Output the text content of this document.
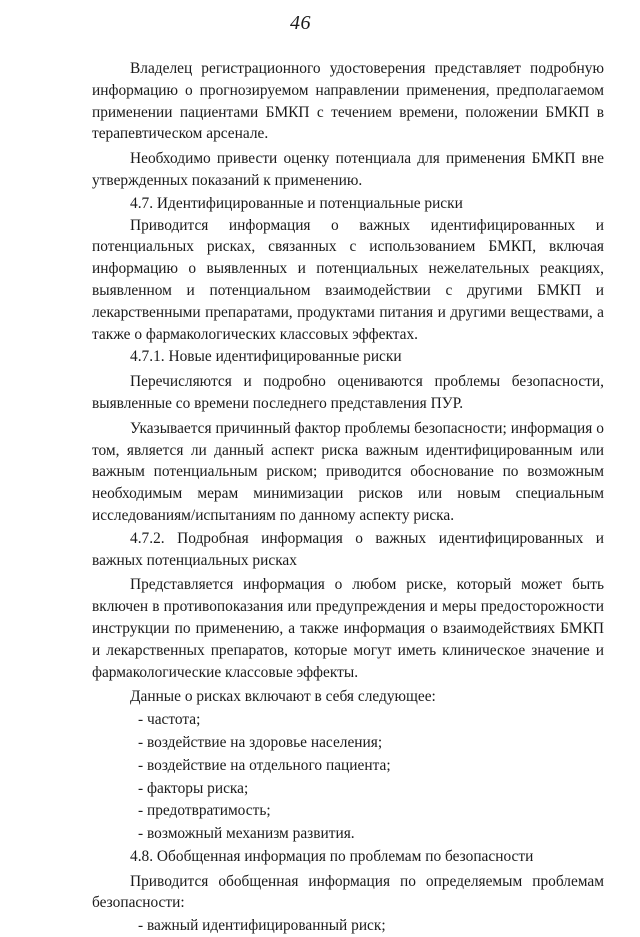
46

Владелец регистрационного удостоверения представляет подробную информацию о прогнозируемом направлении применения, предполагаемом применении пациентами БМКП с течением времени, положении БМКП в терапевтическом арсенале.

Необходимо привести оценку потенциала для применения БМКП вне утвержденных показаний к применению.

4.7. Идентифицированные и потенциальные риски

Приводится информация о важных идентифицированных и потенциальных рисках, связанных с использованием БМКП, включая информацию о выявленных и потенциальных нежелательных реакциях, выявленном и потенциальном взаимодействии с другими БМКП и лекарственными препаратами, продуктами питания и другими веществами, а также о фармакологических классовых эффектах.

4.7.1. Новые идентифицированные риски

Перечисляются и подробно оцениваются проблемы безопасности, выявленные со времени последнего представления ПУР.

Указывается причинный фактор проблемы безопасности; информация о том, является ли данный аспект риска важным идентифицированным или важным потенциальным риском; приводится обоснование по возможным необходимым мерам минимизации рисков или новым специальным исследованиям/испытаниям по данному аспекту риска.

4.7.2. Подробная информация о важных идентифицированных и важных потенциальных рисках

Представляется информация о любом риске, который может быть включен в противопоказания или предупреждения и меры предосторожности инструкции по применению, а также информация о взаимодействиях БМКП и лекарственных препаратов, которые могут иметь клиническое значение и фармакологические классовые эффекты.

Данные о рисках включают в себя следующее:

- частота;

- воздействие на здоровье населения;

- воздействие на отдельного пациента;

- факторы риска;

- предотвратимость;

- возможный механизм развития.

4.8. Обобщенная информация по проблемам по безопасности

Приводится обобщенная информация по определяемым проблемам безопасности:

- важный идентифицированный риск;
